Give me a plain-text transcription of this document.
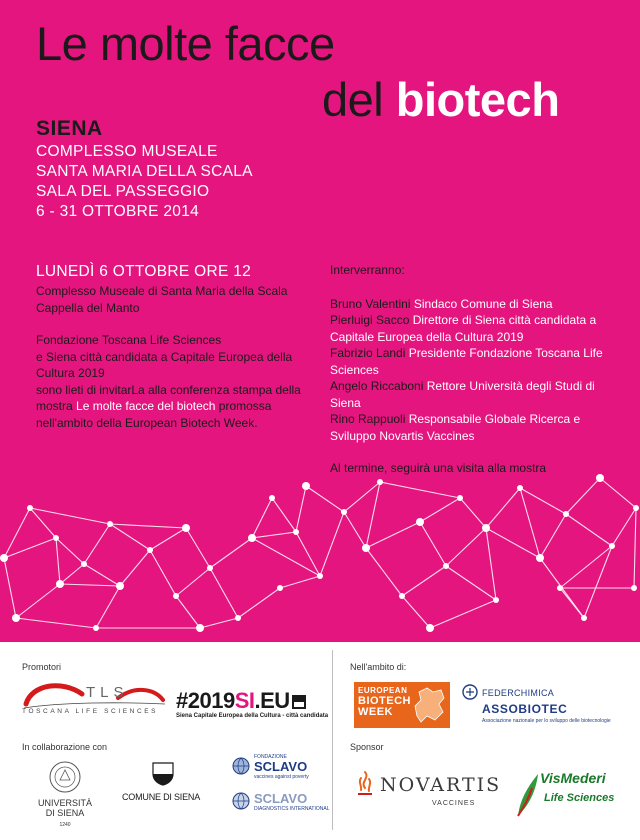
Le molte facce
del biotech
SIENA
COMPLESSO MUSEALE
SANTA MARIA DELLA SCALA
SALA DEL PASSEGGIO
6 - 31 OTTOBRE 2014
LUNEDÌ 6 OTTOBRE ORE 12

Complesso Museale di Santa Maria della Scala

Cappella del Manto

Fondazione Toscana Life Sciences

e Siena città candidata a Capitale Europea della Cultura 2019

sono lieti di invitarLa alla conferenza stampa della mostra Le molte facce del biotech promossa nell'ambito della European Biotech Week.

Interverranno:

Bruno Valentini Sindaco Comune di Siena

Pierluigi Sacco Direttore di Siena città candidata a Capitale Europea della Cultura 2019

Fabrizio Landi Presidente Fondazione Toscana Life Sciences

Angelo Riccaboni Rettore Università degli Studi di Siena

Rino Rappuoli Responsabile Globale Ricerca e Sviluppo Novartis Vaccines

Al termine, seguirà una visita alla mostra

Promotori
In collaborazione con
Nell'ambito di:
Sponsor
TLS
TOSCANA LIFE SCIENCES #2019SI.EU
Siena Capitale Europea della Cultura - città candidata
EUROPEAN
BIOTECH
WEEK
FEDERCHIMICA
ASSOBIOTEC
Associazione nazionale per lo sviluppo delle biotecnologie
UNIVERSITÀ
DI SIENA
1240
COMUNE DI SIENA
FONDAZIONE
SCLAVO
vaccines against poverty
SCLAVO
DIAGNOSTICS INTERNATIONAL
NOVARTIS
VACCINES
VisMederi
Life Sciences
